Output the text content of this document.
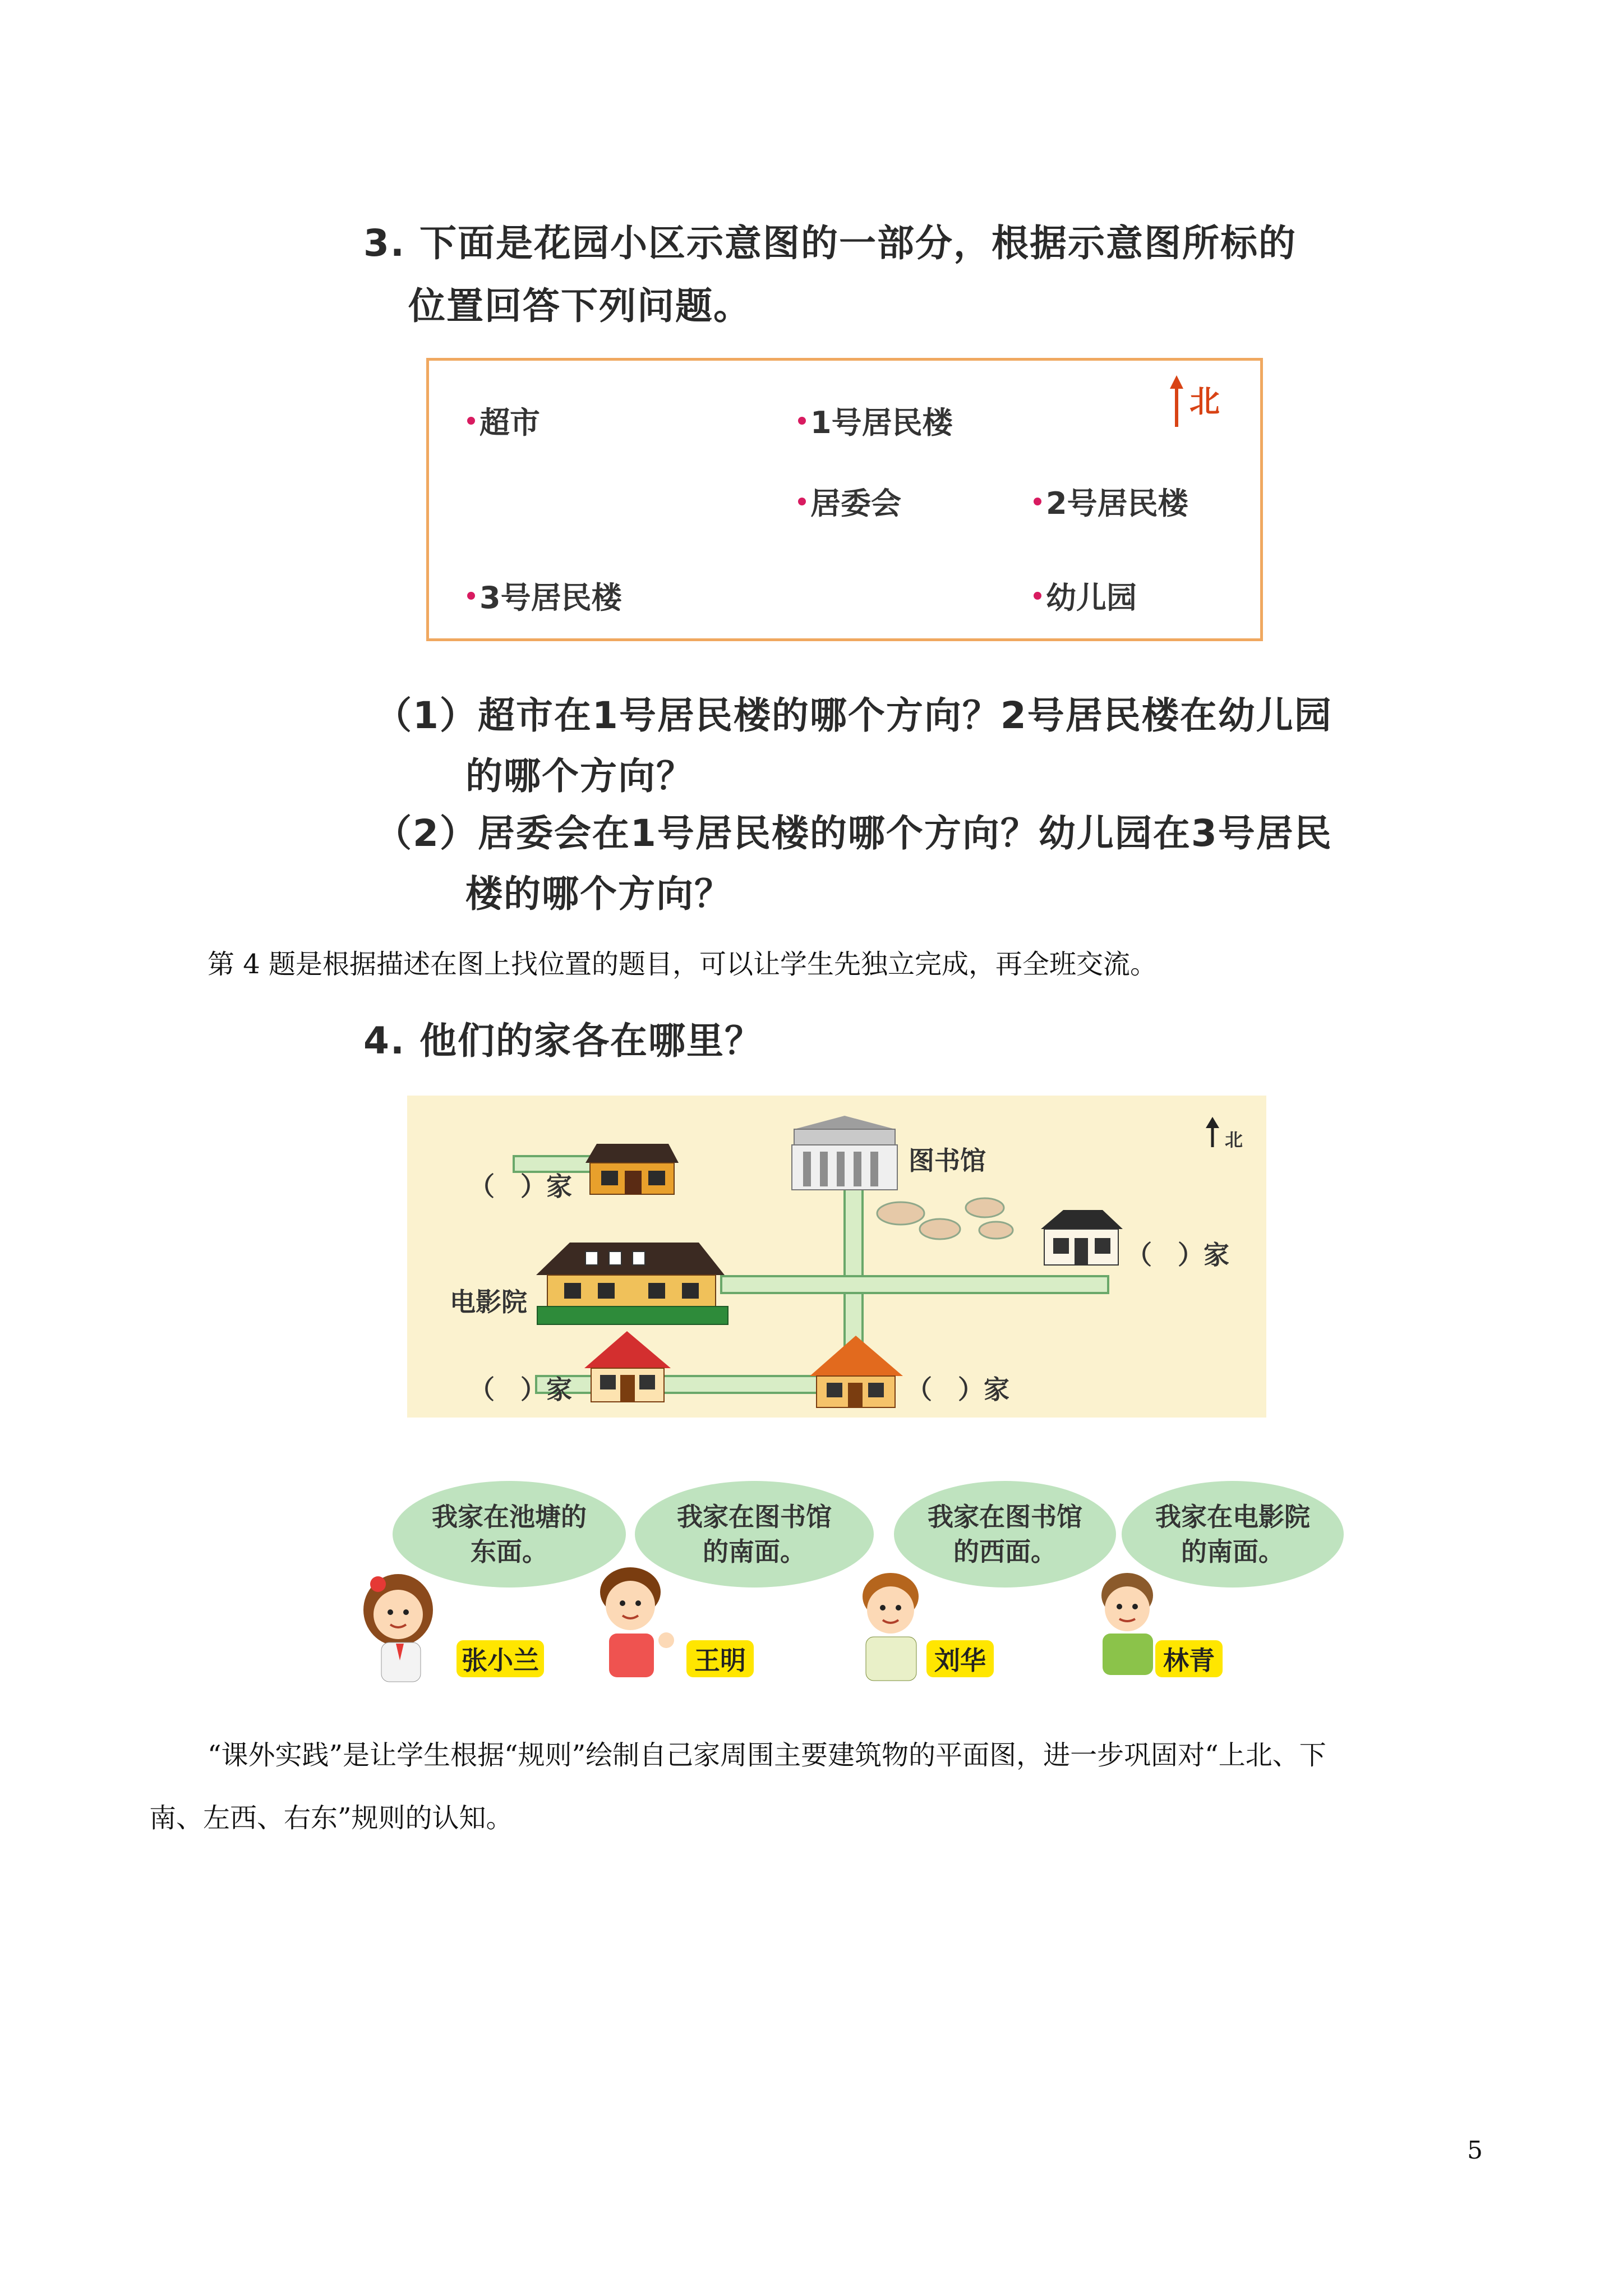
3. 下面是花园小区示意图的一部分，根据示意图所标的
位置回答下列问题。
超市	1号居民楼
居委会	2号居民楼
3号居民楼	幼儿园
北
（1）超市在1号居民楼的哪个方向？2号居民楼在幼儿园
的哪个方向？
（2）居委会在1号居民楼的哪个方向？幼儿园在3号居民
楼的哪个方向？
第 4 题是根据描述在图上找位置的题目，可以让学生先独立完成，再全班交流。
4. 他们的家各在哪里？
北
（　）家
图书馆
（　）家
电影院
（　）家	（　）家
我家在池塘的东面。
张小兰
我家在图书馆的南面。
王明
我家在图书馆的西面。
刘华
我家在电影院的南面。
林青
“课外实践”是让学生根据“规则”绘制自己家周围主要建筑物的平面图，进一步巩固对“上北、下
南、左西、右东”规则的认知。
5
